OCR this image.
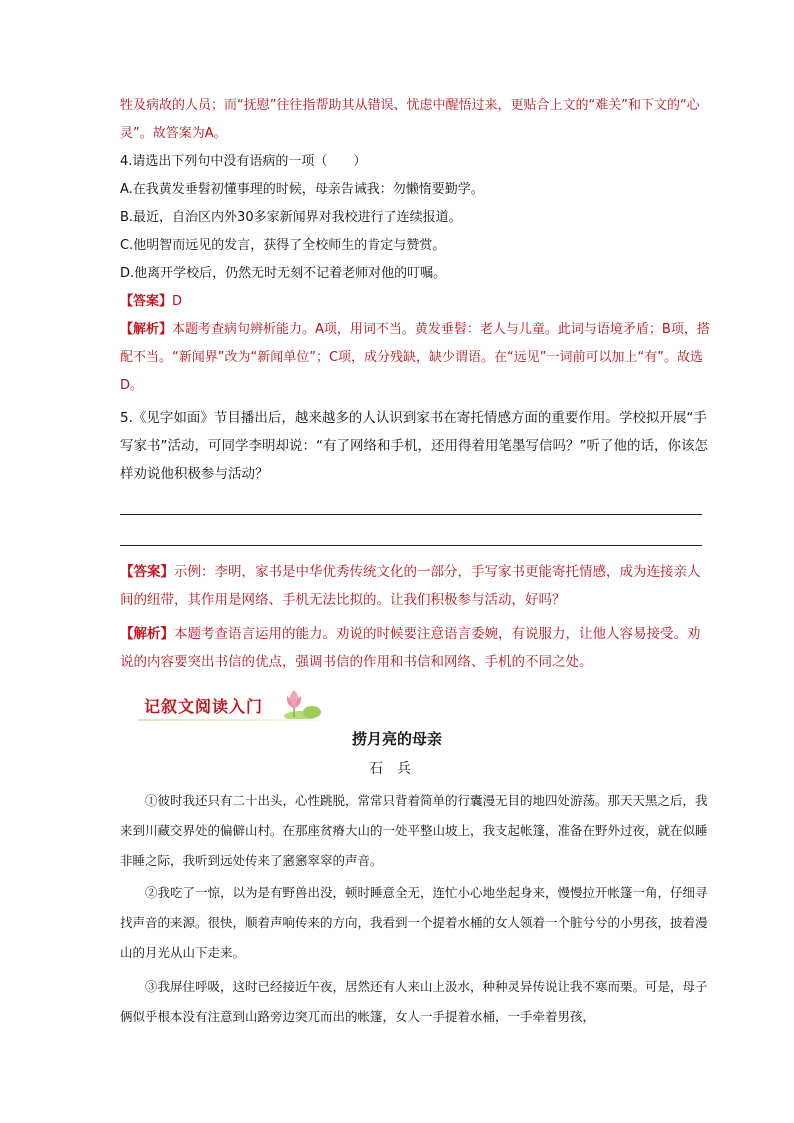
牲及病故的人员；而“抚慰”往往指帮助其从错误、忧虑中醒悟过来，更贴合上文的“难关”和下文的“心灵”。故答案为A。

4.请选出下列句中没有语病的一项（　　）

A.在我黄发垂髫初懂事理的时候，母亲告诫我：勿懒惰要勤学。

B.最近，自治区内外30多家新闻界对我校进行了连续报道。

C.他明智而远见的发言，获得了全校师生的肯定与赞赏。

D.他离开学校后，仍然无时无刻不记着老师对他的叮嘱。

【答案】D

【解析】本题考查病句辨析能力。A项，用词不当。黄发垂髫：老人与儿童。此词与语境矛盾；B项，搭配不当。“新闻界”改为“新闻单位”；C项，成分残缺，缺少谓语。在“远见”一词前可以加上“有”。故选D。

5.《见字如面》节目播出后，越来越多的人认识到家书在寄托情感方面的重要作用。学校拟开展“手写家书”活动，可同学李明却说：“有了网络和手机，还用得着用笔墨写信吗？”听了他的话，你该怎样劝说他积极参与活动？

【答案】示例：李明，家书是中华优秀传统文化的一部分，手写家书更能寄托情感，成为连接亲人间的纽带，其作用是网络、手机无法比拟的。让我们积极参与活动，好吗？

【解析】本题考查语言运用的能力。劝说的时候要注意语言委婉，有说服力，让他人容易接受。劝说的内容要突出书信的优点，强调书信的作用和书信和网络、手机的不同之处。

记叙文阅读入门
捞月亮的母亲
石兵

①彼时我还只有二十出头，心性跳脱，常常只背着简单的行囊漫无目的地四处游荡。那天天黑之后，我来到川藏交界处的偏僻山村。在那座贫瘠大山的一处平整山坡上，我支起帐篷，准备在野外过夜，就在似睡非睡之际，我听到远处传来了窸窸窣窣的声音。

②我吃了一惊，以为是有野兽出没，顿时睡意全无，连忙小心地坐起身来，慢慢拉开帐篷一角，仔细寻找声音的来源。很快，顺着声响传来的方向，我看到一个提着水桶的女人领着一个脏兮兮的小男孩，披着漫山的月光从山下走来。

③我屏住呼吸，这时已经接近午夜，居然还有人来山上汲水，种种灵异传说让我不寒而栗。可是，母子俩似乎根本没有注意到山路旁边突兀而出的帐篷，女人一手提着水桶，一手牵着男孩，
